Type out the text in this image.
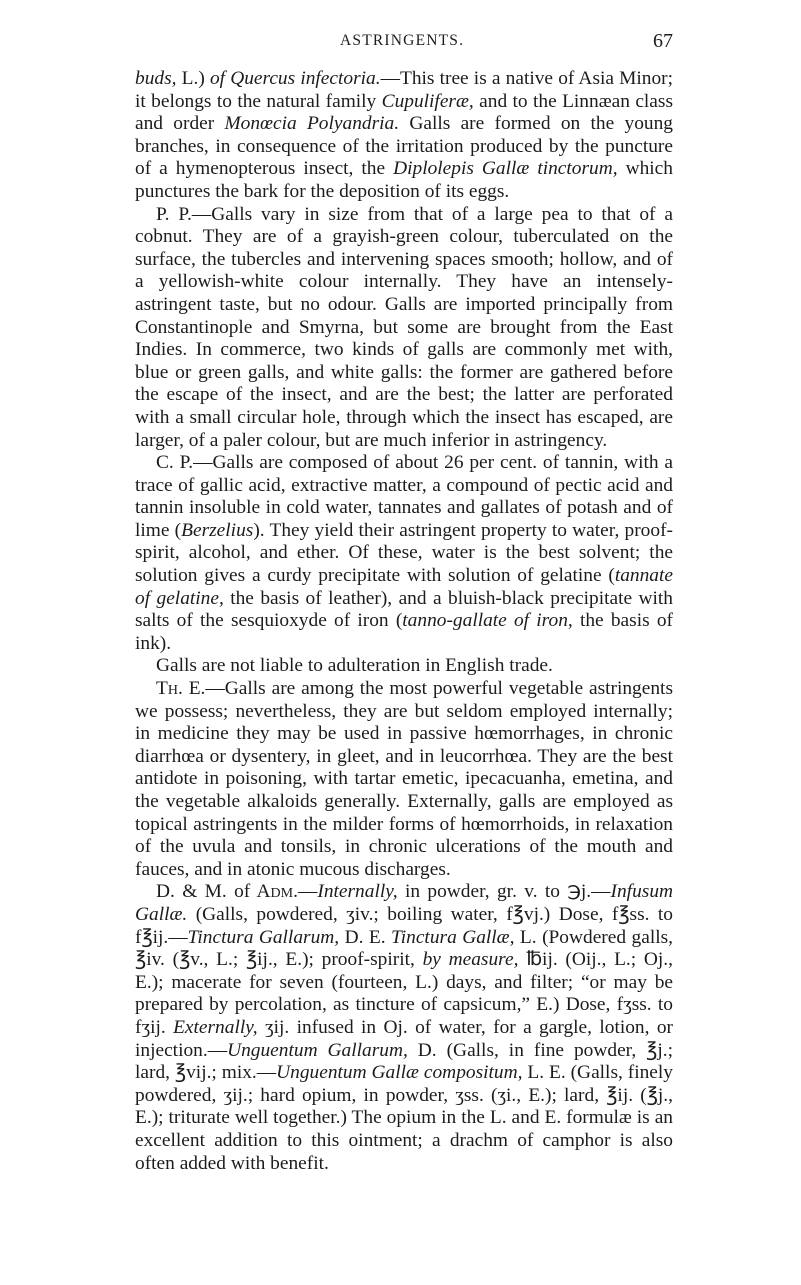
ASTRINGENTS.	67

buds, L.) of Quercus infectoria.—This tree is a native of Asia Minor; it belongs to the natural family Cupuliferæ, and to the Linnæan class and order Monœcia Polyandria. Galls are formed on the young branches, in consequence of the irritation produced by the puncture of a hymenopterous insect, the Diplolepis Gallæ tinctorum, which punctures the bark for the deposition of its eggs.

P. P.—Galls vary in size from that of a large pea to that of a cobnut. They are of a grayish-green colour, tuberculated on the surface, the tubercles and intervening spaces smooth; hollow, and of a yellowish-white colour internally. They have an intensely-astringent taste, but no odour. Galls are imported principally from Constantinople and Smyrna, but some are brought from the East Indies. In commerce, two kinds of galls are commonly met with, blue or green galls, and white galls: the former are gathered before the escape of the insect, and are the best; the latter are perforated with a small circular hole, through which the insect has escaped, are larger, of a paler colour, but are much inferior in astringency.

C. P.—Galls are composed of about 26 per cent. of tannin, with a trace of gallic acid, extractive matter, a compound of pectic acid and tannin insoluble in cold water, tannates and gallates of potash and of lime (Berzelius). They yield their astringent property to water, proof-spirit, alcohol, and ether. Of these, water is the best solvent; the solution gives a curdy precipitate with solution of gelatine (tannate of gelatine, the basis of leather), and a bluish-black precipitate with salts of the sesquioxyde of iron (tanno-gallate of iron, the basis of ink).

Galls are not liable to adulteration in English trade.

Th. E.—Galls are among the most powerful vegetable astringents we possess; nevertheless, they are but seldom employed internally; in medicine they may be used in passive hœmorrhages, in chronic diarrhœa or dysentery, in gleet, and in leucorrhœa. They are the best antidote in poisoning, with tartar emetic, ipecacuanha, emetina, and the vegetable alkaloids generally. Externally, galls are employed as topical astringents in the milder forms of hœmorrhoids, in relaxation of the uvula and tonsils, in chronic ulcerations of the mouth and fauces, and in atonic mucous discharges.

D. & M. of Adm.—Internally, in powder, gr. v. to ℈j.—Infusum Gallæ. (Galls, powdered, ʒiv.; boiling water, f℥vj.) Dose, f℥ss. to f℥ij.—Tinctura Gallarum, D. E. Tinctura Gallæ, L. (Powdered galls, ℥iv. (℥v., L.; ℥ij., E.); proof-spirit, by measure, ℔ij. (Oij., L.; Oj., E.); macerate for seven (fourteen, L.) days, and filter; “or may be prepared by percolation, as tincture of capsicum,” E.) Dose, fʒss. to fʒij. Externally, ʒij. infused in Oj. of water, for a gargle, lotion, or injection.—Unguentum Gallarum, D. (Galls, in fine powder, ℥j.; lard, ℥vij.; mix.—Unguentum Gallæ compositum, L. E. (Galls, finely powdered, ʒij.; hard opium, in powder, ʒss. (ʒi., E.); lard, ℥ij. (℥j., E.); triturate well together.) The opium in the L. and E. formulæ is an excellent addition to this ointment; a drachm of camphor is also often added with benefit.
